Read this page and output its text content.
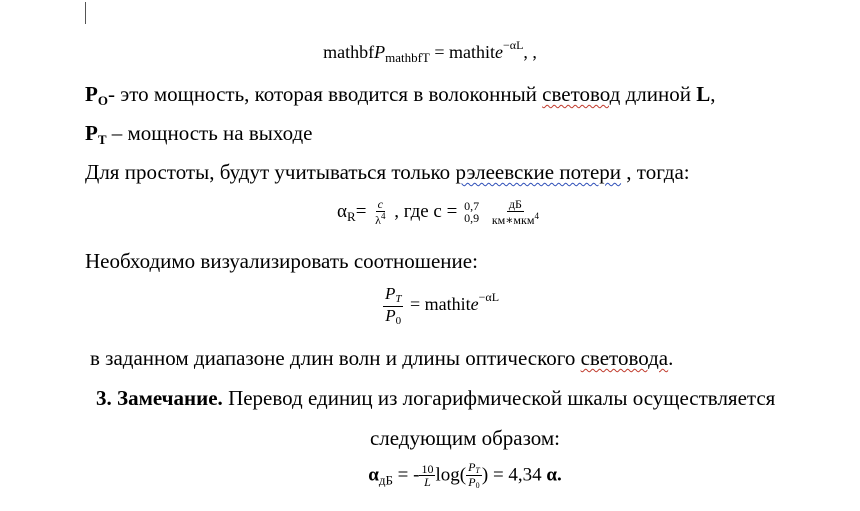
mathbfP$_{mathbfT}$ = mathite$^{-\alpha L}$, ,
$P_O-$ это мощность, которая вводится в волоконный световод длиной L,
$P_T$ – мощность на выходе
Для простоты, будут учитываться только рэлеевские потери , тогда:
$\alpha_R= \frac{c}{\lambda^4}$ , где с = 0,7
0,9
$\frac{дБ}{км∗мкм^4}$
Необходимо визуализировать соотношение:
$\frac{PT}{P0}$ = mathite$^{-\alpha L}$
в заданном диапазоне длин волн и длины оптического световода.
3. Замечание. Перевод единиц из логарифмической шкалы осуществляется
следующим образом:
$\alpha_{дБ}$ = - $\frac{10}{L} \log( \frac{PT}{P0}$ ) = 4,34 α.
